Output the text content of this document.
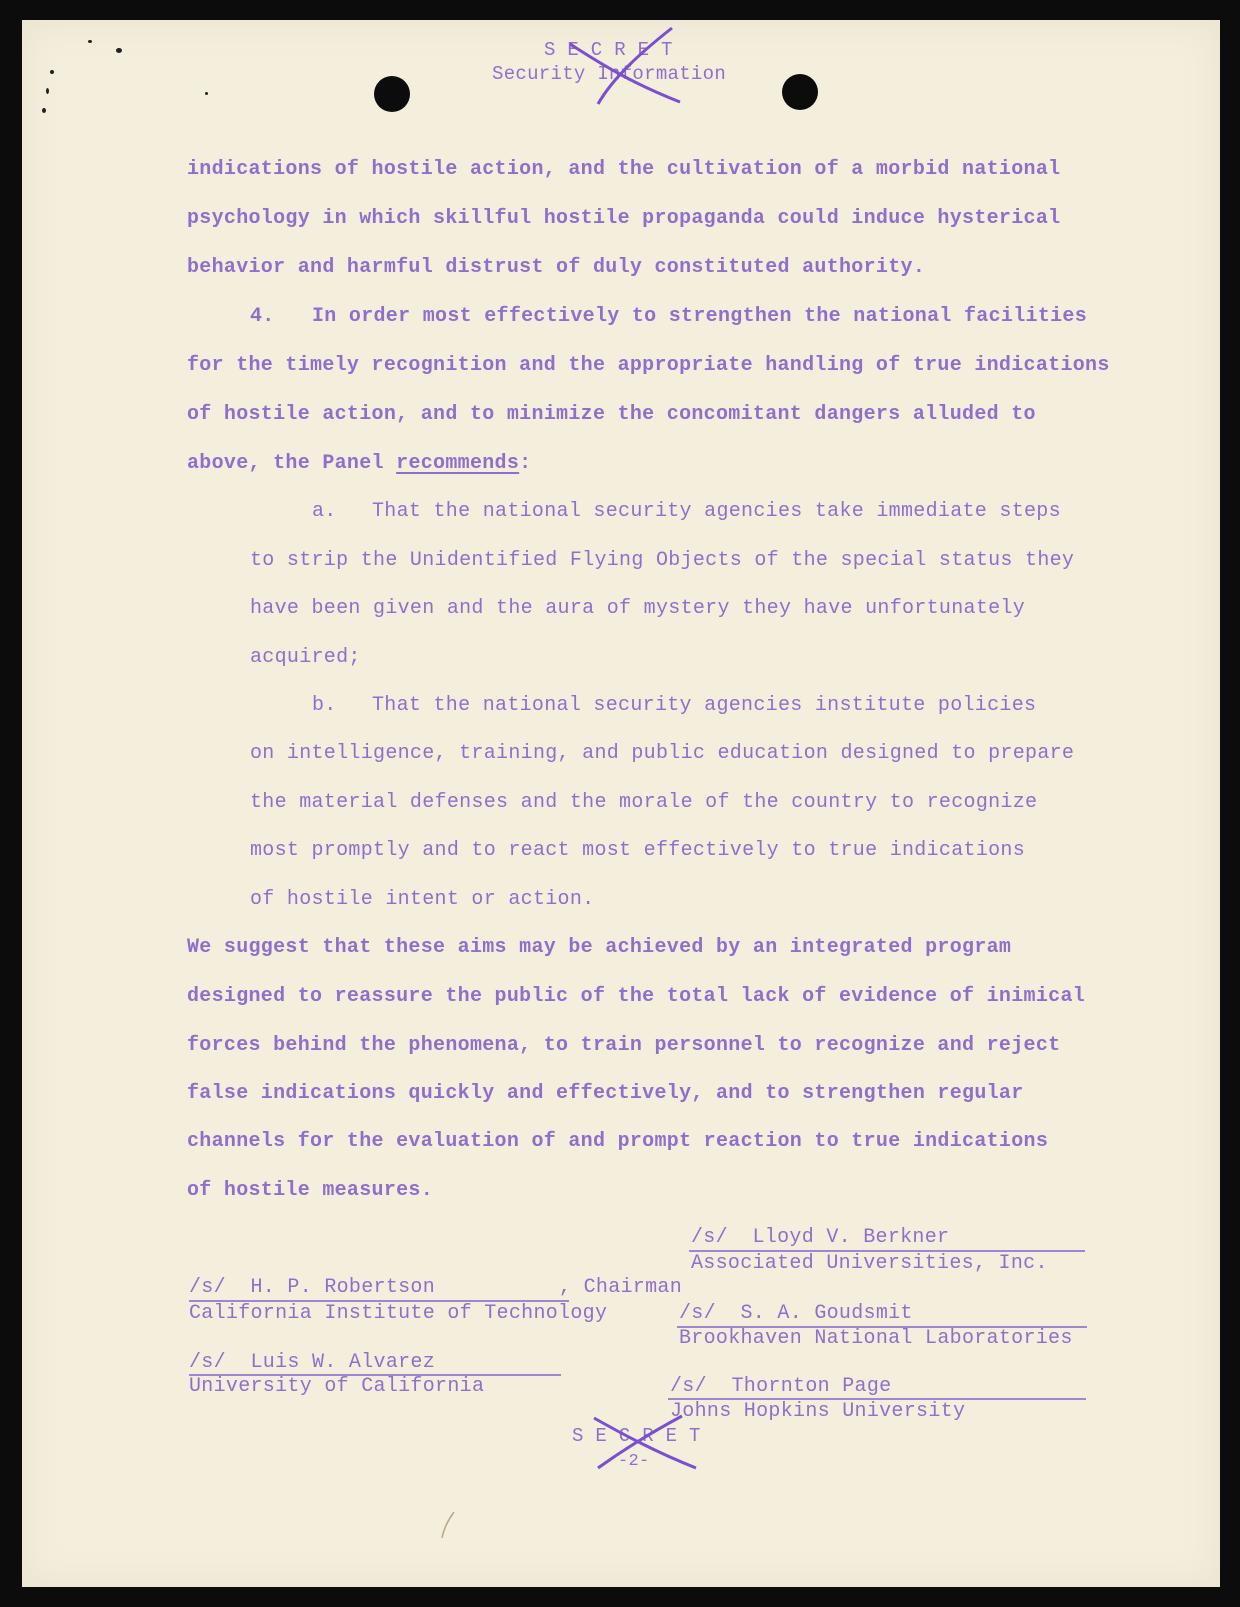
S E C R E T
Security Information
indications of hostile action, and the cultivation of a morbid national
psychology in which skillful hostile propaganda could induce hysterical
behavior and harmful distrust of duly constituted authority.
4. In order most effectively to strengthen the national facilities
for the timely recognition and the appropriate handling of true indications
of hostile action, and to minimize the concomitant dangers alluded to
above, the Panel recommends:
a. That the national security agencies take immediate steps
to strip the Unidentified Flying Objects of the special status they
have been given and the aura of mystery they have unfortunately
acquired;
b. That the national security agencies institute policies
on intelligence, training, and public education designed to prepare
the material defenses and the morale of the country to recognize
most promptly and to react most effectively to true indications
of hostile intent or action.
We suggest that these aims may be achieved by an integrated program
designed to reassure the public of the total lack of evidence of inimical
forces behind the phenomena, to train personnel to recognize and reject
false indications quickly and effectively, and to strengthen regular
channels for the evaluation of and prompt reaction to true indications
of hostile measures.
/s/  Lloyd V. Berkner
Associated Universities, Inc.
/s/  H. P. Robertson	, Chairman
California Institute of Technology	/s/  S. A. Goudsmit
Brookhaven National Laboratories
/s/  Luis W. Alvarez
University of California	/s/  Thornton Page
Johns Hopkins University
S E C R E T
-2-
